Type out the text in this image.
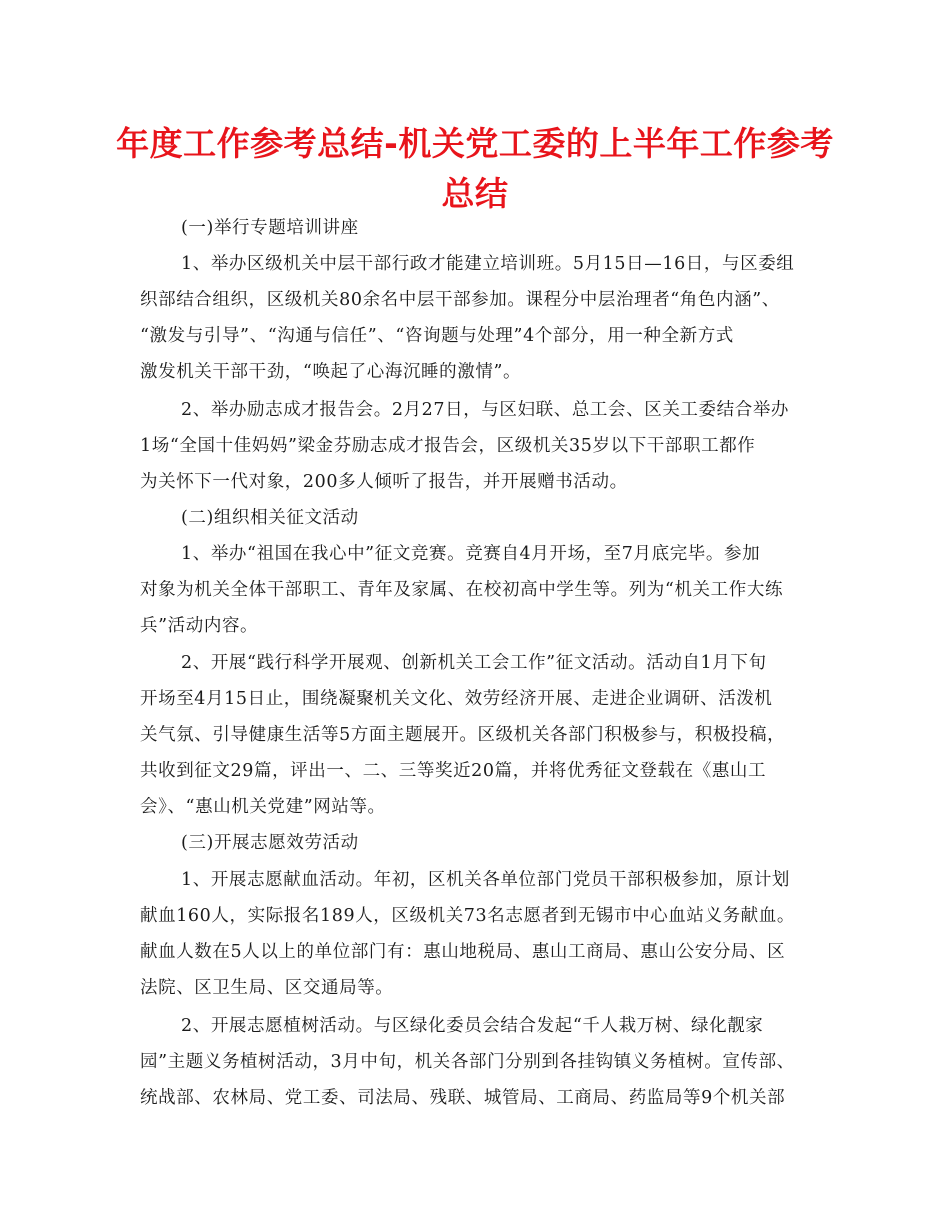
年度工作参考总结-机关党工委的上半年工作参考
总结
(一)举行专题培训讲座
1、举办区级机关中层干部行政才能建立培训班。5月15日—16日，与区委组
织部结合组织，区级机关80余名中层干部参加。课程分中层治理者“角色内涵”、
“激发与引导”、“沟通与信任”、“咨询题与处理”4个部分，用一种全新方式
激发机关干部干劲，“唤起了心海沉睡的激情”。
2、举办励志成才报告会。2月27日，与区妇联、总工会、区关工委结合举办
1场“全国十佳妈妈”梁金芬励志成才报告会，区级机关35岁以下干部职工都作
为关怀下一代对象，200多人倾听了报告，并开展赠书活动。
(二)组织相关征文活动
1、举办“祖国在我心中”征文竞赛。竞赛自4月开场，至7月底完毕。参加
对象为机关全体干部职工、青年及家属、在校初高中学生等。列为“机关工作大练
兵”活动内容。
2、开展“践行科学开展观、创新机关工会工作”征文活动。活动自1月下旬
开场至4月15日止，围绕凝聚机关文化、效劳经济开展、走进企业调研、活泼机
关气氛、引导健康生活等5方面主题展开。区级机关各部门积极参与，积极投稿，
共收到征文29篇，评出一、二、三等奖近20篇，并将优秀征文登载在《惠山工
会》、“惠山机关党建”网站等。
(三)开展志愿效劳活动
1、开展志愿献血活动。年初，区机关各单位部门党员干部积极参加，原计划
献血160人，实际报名189人，区级机关73名志愿者到无锡市中心血站义务献血。
献血人数在5人以上的单位部门有：惠山地税局、惠山工商局、惠山公安分局、区
法院、区卫生局、区交通局等。
2、开展志愿植树活动。与区绿化委员会结合发起“千人栽万树、绿化靓家
园”主题义务植树活动，3月中旬，机关各部门分别到各挂钩镇义务植树。宣传部、
统战部、农林局、党工委、司法局、残联、城管局、工商局、药监局等9个机关部
